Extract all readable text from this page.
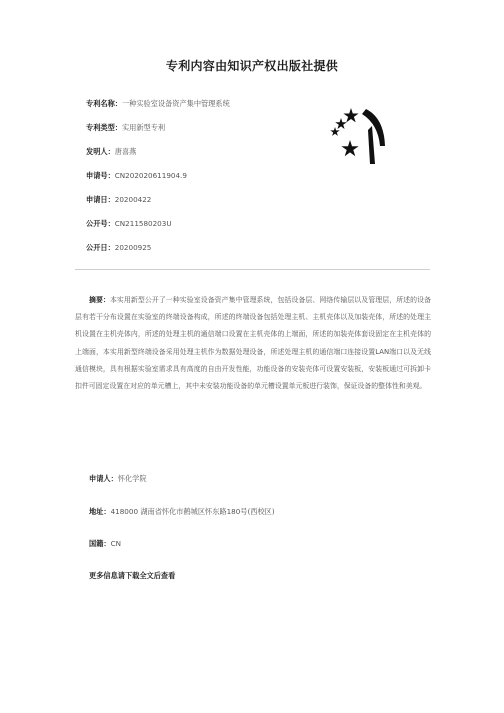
专利内容由知识产权出版社提供
专利名称：一种实验室设备资产集中管理系统
专利类型：实用新型专利
发明人：唐喜燕
申请号：CN202020611904.9
申请日：20200422
公开号：CN211580203U
公开日：20200925

摘要：本实用新型公开了一种实验室设备资产集中管理系统，包括设备层、网络传输层以及管理层，所述的设备层有若干分布设置在实验室的终端设备构成，所述的终端设备包括处理主机、主机壳体以及加装壳体，所述的处理主机设置在主机壳体内，所述的处理主机的通信端口设置在主机壳体的上端面，所述的加装壳体套设固定在主机壳体的上端面，本实用新型终端设备采用处理主机作为数据处理设备，所述处理主机的通信端口连接设置LAN端口以及无线通信模块，具有根据实验室需求具有高度的自由开发性能，功能设备的安装壳体可设置安装板，安装板通过可拆卸卡扣件可固定设置在对应的单元槽上，其中未安装功能设备的单元槽设置单元板进行装饰，保证设备的整体性和美观。

申请人：怀化学院
地址：418000 湖南省怀化市鹤城区怀东路180号(西校区)
国籍：CN
更多信息请下载全文后查看
